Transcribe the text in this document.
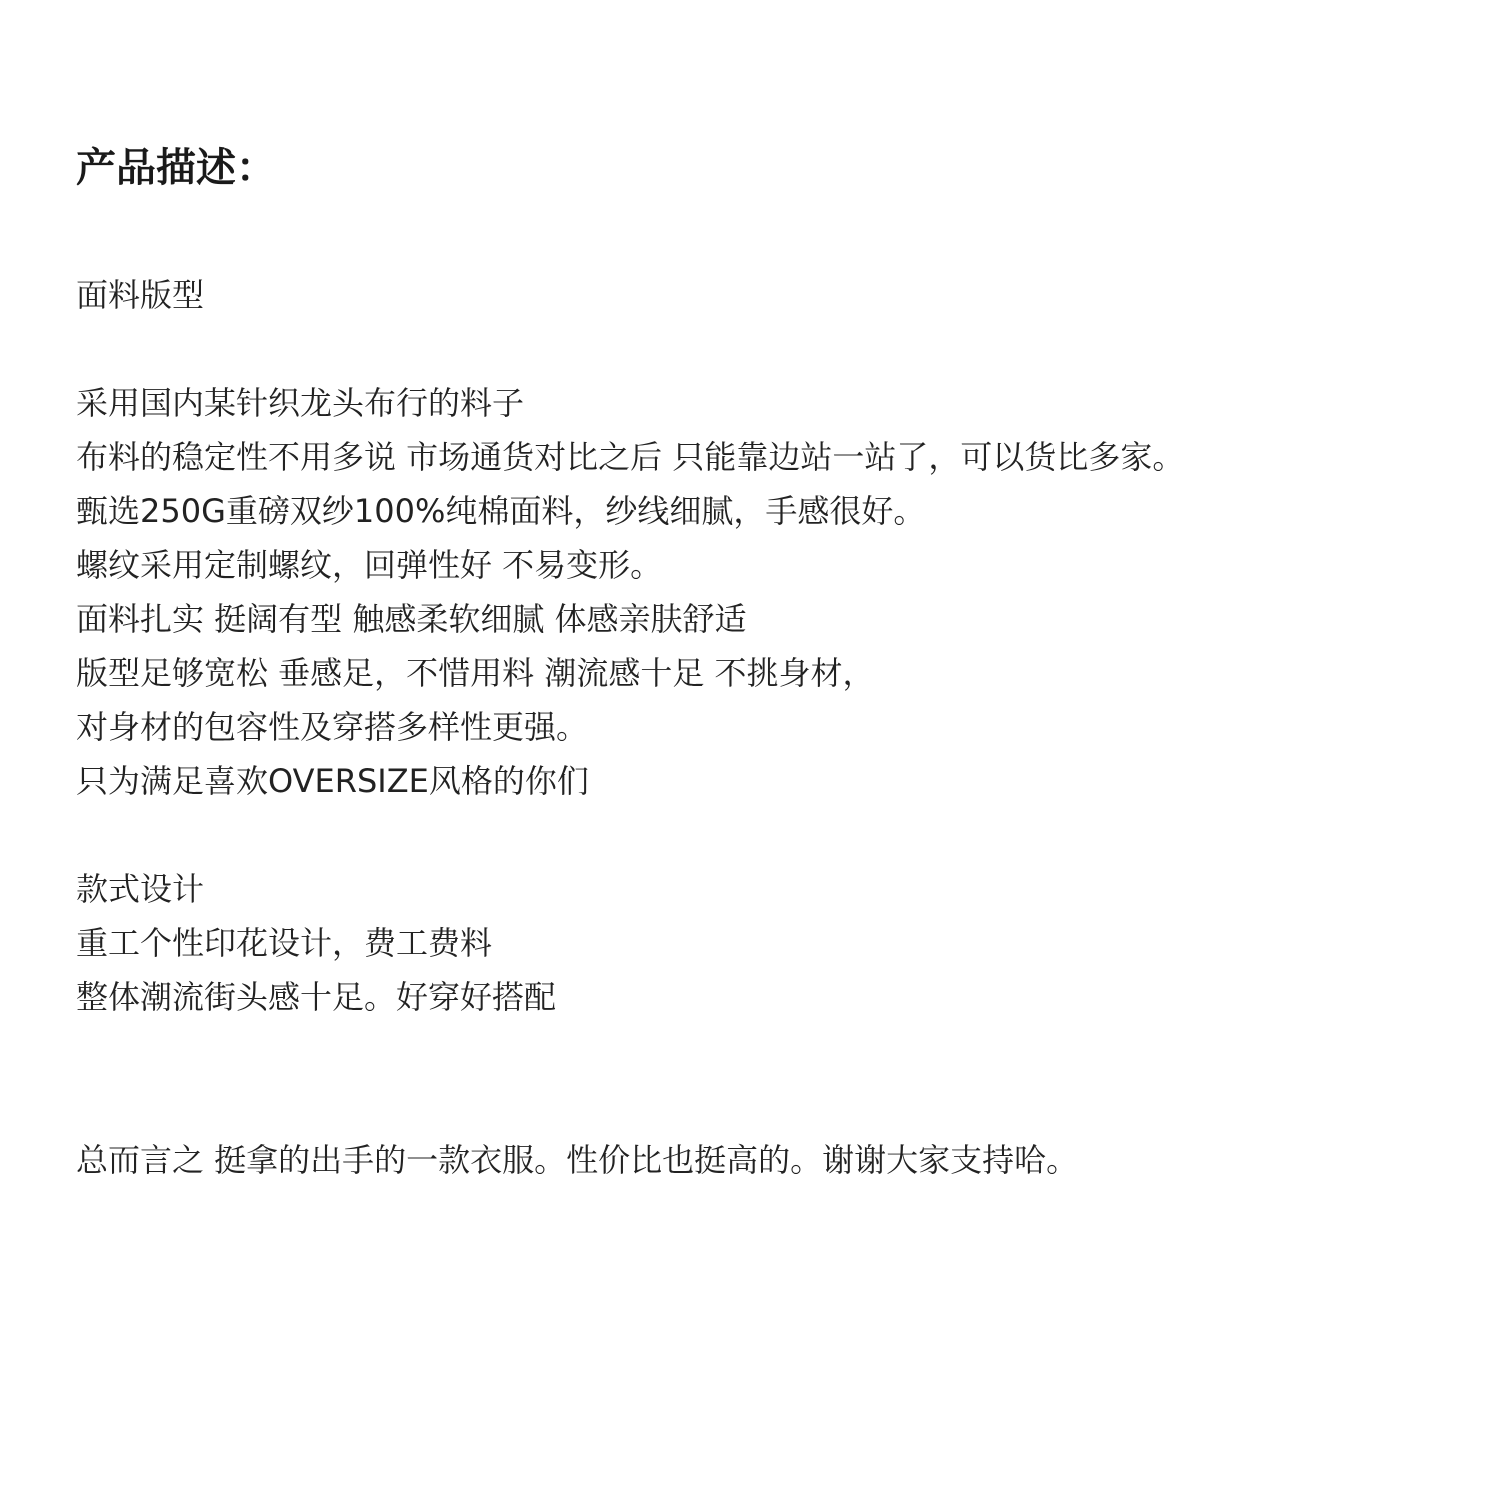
产品描述：
面料版型
采用国内某针织龙头布行的料子
布料的稳定性不用多说 市场通货对比之后 只能靠边站一站了，可以货比多家。
甄选250G重磅双纱100%纯棉面料，纱线细腻，手感很好。
螺纹采用定制螺纹，回弹性好 不易变形。
面料扎实 挺阔有型 触感柔软细腻 体感亲肤舒适
版型足够宽松 垂感足，不惜用料 潮流感十足 不挑身材，
对身材的包容性及穿搭多样性更强。
只为满足喜欢OVERSIZE风格的你们
款式设计
重工个性印花设计，费工费料
整体潮流街头感十足。好穿好搭配
总而言之 挺拿的出手的一款衣服。性价比也挺高的。谢谢大家支持哈。
